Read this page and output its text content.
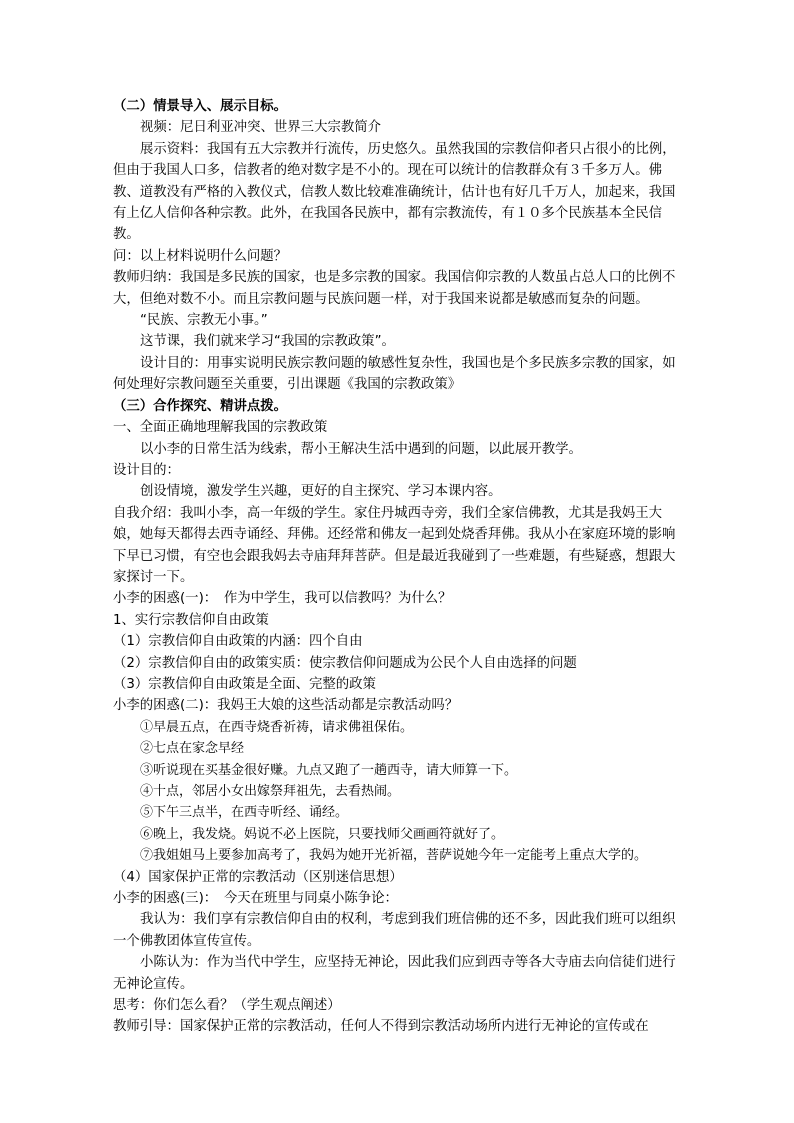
（二）情景导入、展示目标。

视频：尼日利亚冲突、世界三大宗教简介

展示资料：我国有五大宗教并行流传，历史悠久。虽然我国的宗教信仰者只占很小的比例，但由于我国人口多，信教者的绝对数字是不小的。现在可以统计的信教群众有３千多万人。佛教、道教没有严格的入教仪式，信教人数比较难准确统计，估计也有好几千万人，加起来，我国有上亿人信仰各种宗教。此外，在我国各民族中，都有宗教流传，有１０多个民族基本全民信教。

问：以上材料说明什么问题？

教师归纳：我国是多民族的国家，也是多宗教的国家。我国信仰宗教的人数虽占总人口的比例不大，但绝对数不小。而且宗教问题与民族问题一样，对于我国来说都是敏感而复杂的问题。

“民族、宗教无小事。”

这节课，我们就来学习“我国的宗教政策”。

设计目的：用事实说明民族宗教问题的敏感性复杂性，我国也是个多民族多宗教的国家，如何处理好宗教问题至关重要，引出课题《我国的宗教政策》

（三）合作探究、精讲点拨。

一、全面正确地理解我国的宗教政策

以小李的日常生活为线索，帮小王解决生活中遇到的问题，以此展开教学。

设计目的：

创设情境，激发学生兴趣，更好的自主探究、学习本课内容。

自我介绍：我叫小李，高一年级的学生。家住丹城西寺旁，我们全家信佛教，尤其是我妈王大娘，她每天都得去西寺诵经、拜佛。还经常和佛友一起到处烧香拜佛。我从小在家庭环境的影响下早已习惯，有空也会跟我妈去寺庙拜拜菩萨。但是最近我碰到了一些难题，有些疑惑，想跟大家探讨一下。

小李的困惑(一)：　作为中学生，我可以信教吗？为什么？

1、实行宗教信仰自由政策

（1）宗教信仰自由政策的内涵：四个自由

（2）宗教信仰自由的政策实质：使宗教信仰问题成为公民个人自由选择的问题

（3）宗教信仰自由政策是全面、完整的政策

小李的困惑(二)：我妈王大娘的这些活动都是宗教活动吗？

①早晨五点，在西寺烧香祈祷，请求佛祖保佑。

②七点在家念早经

③听说现在买基金很好赚。九点又跑了一趟西寺，请大师算一下。

④十点，邻居小女出嫁祭拜祖先，去看热闹。

⑤下午三点半，在西寺听经、诵经。

⑥晚上，我发烧。妈说不必上医院，只要找师父画画符就好了。

⑦我姐姐马上要参加高考了，我妈为她开光祈福，菩萨说她今年一定能考上重点大学的。

（4）国家保护正常的宗教活动（区别迷信思想）

小李的困惑(三)：　今天在班里与同桌小陈争论：

我认为：我们享有宗教信仰自由的权利，考虑到我们班信佛的还不多，因此我们班可以组织一个佛教团体宣传宣传。

小陈认为：作为当代中学生，应坚持无神论，因此我们应到西寺等各大寺庙去向信徒们进行无神论宣传。

思考：你们怎么看？（学生观点阐述）

教师引导：国家保护正常的宗教活动，任何人不得到宗教活动场所内进行无神论的宣传或在
